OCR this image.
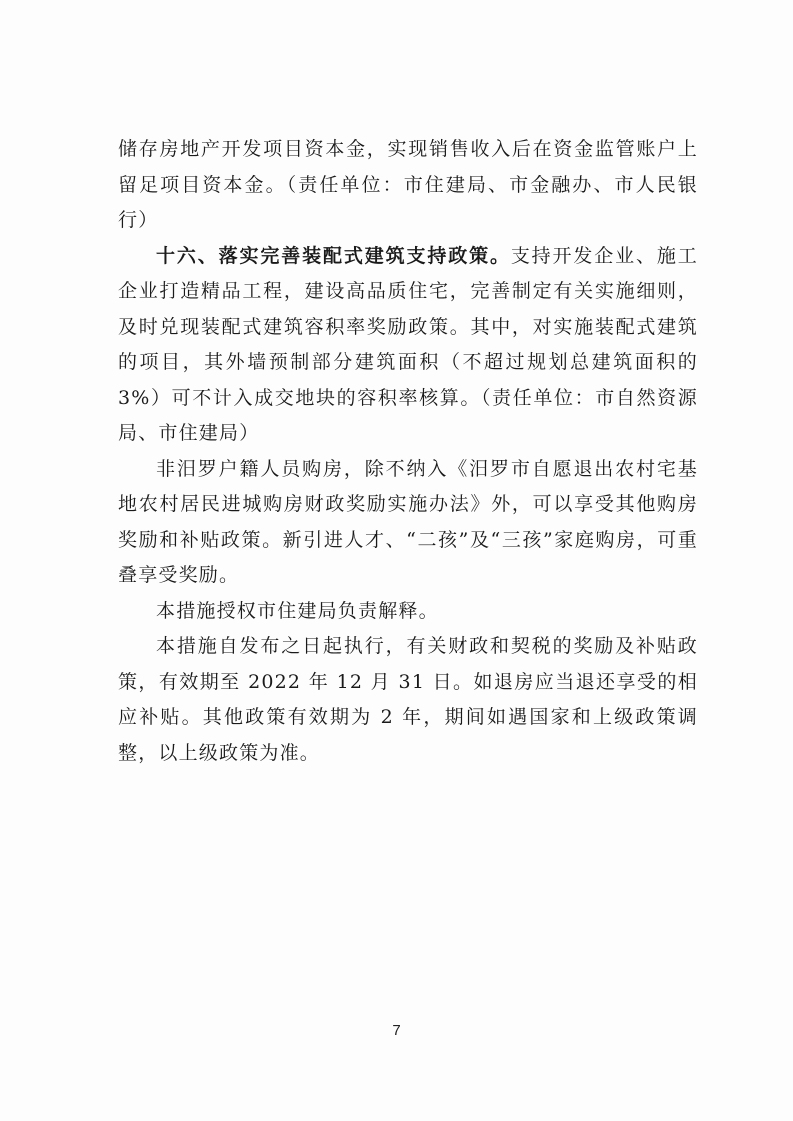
储存房地产开发项目资本金，实现销售收入后在资金监管账户上留足项目资本金。（责任单位：市住建局、市金融办、市人民银行）

十六、落实完善装配式建筑支持政策。支持开发企业、施工企业打造精品工程，建设高品质住宅，完善制定有关实施细则，及时兑现装配式建筑容积率奖励政策。其中，对实施装配式建筑的项目，其外墙预制部分建筑面积（不超过规划总建筑面积的 3%）可不计入成交地块的容积率核算。（责任单位：市自然资源局、市住建局）

非汨罗户籍人员购房，除不纳入《汨罗市自愿退出农村宅基地农村居民进城购房财政奖励实施办法》外，可以享受其他购房奖励和补贴政策。新引进人才、“二孩”及“三孩”家庭购房，可重叠享受奖励。

本措施授权市住建局负责解释。

本措施自发布之日起执行，有关财政和契税的奖励及补贴政策，有效期至 2022 年 12 月 31 日。如退房应当退还享受的相应补贴。其他政策有效期为 2 年，期间如遇国家和上级政策调整，以上级政策为准。

7
